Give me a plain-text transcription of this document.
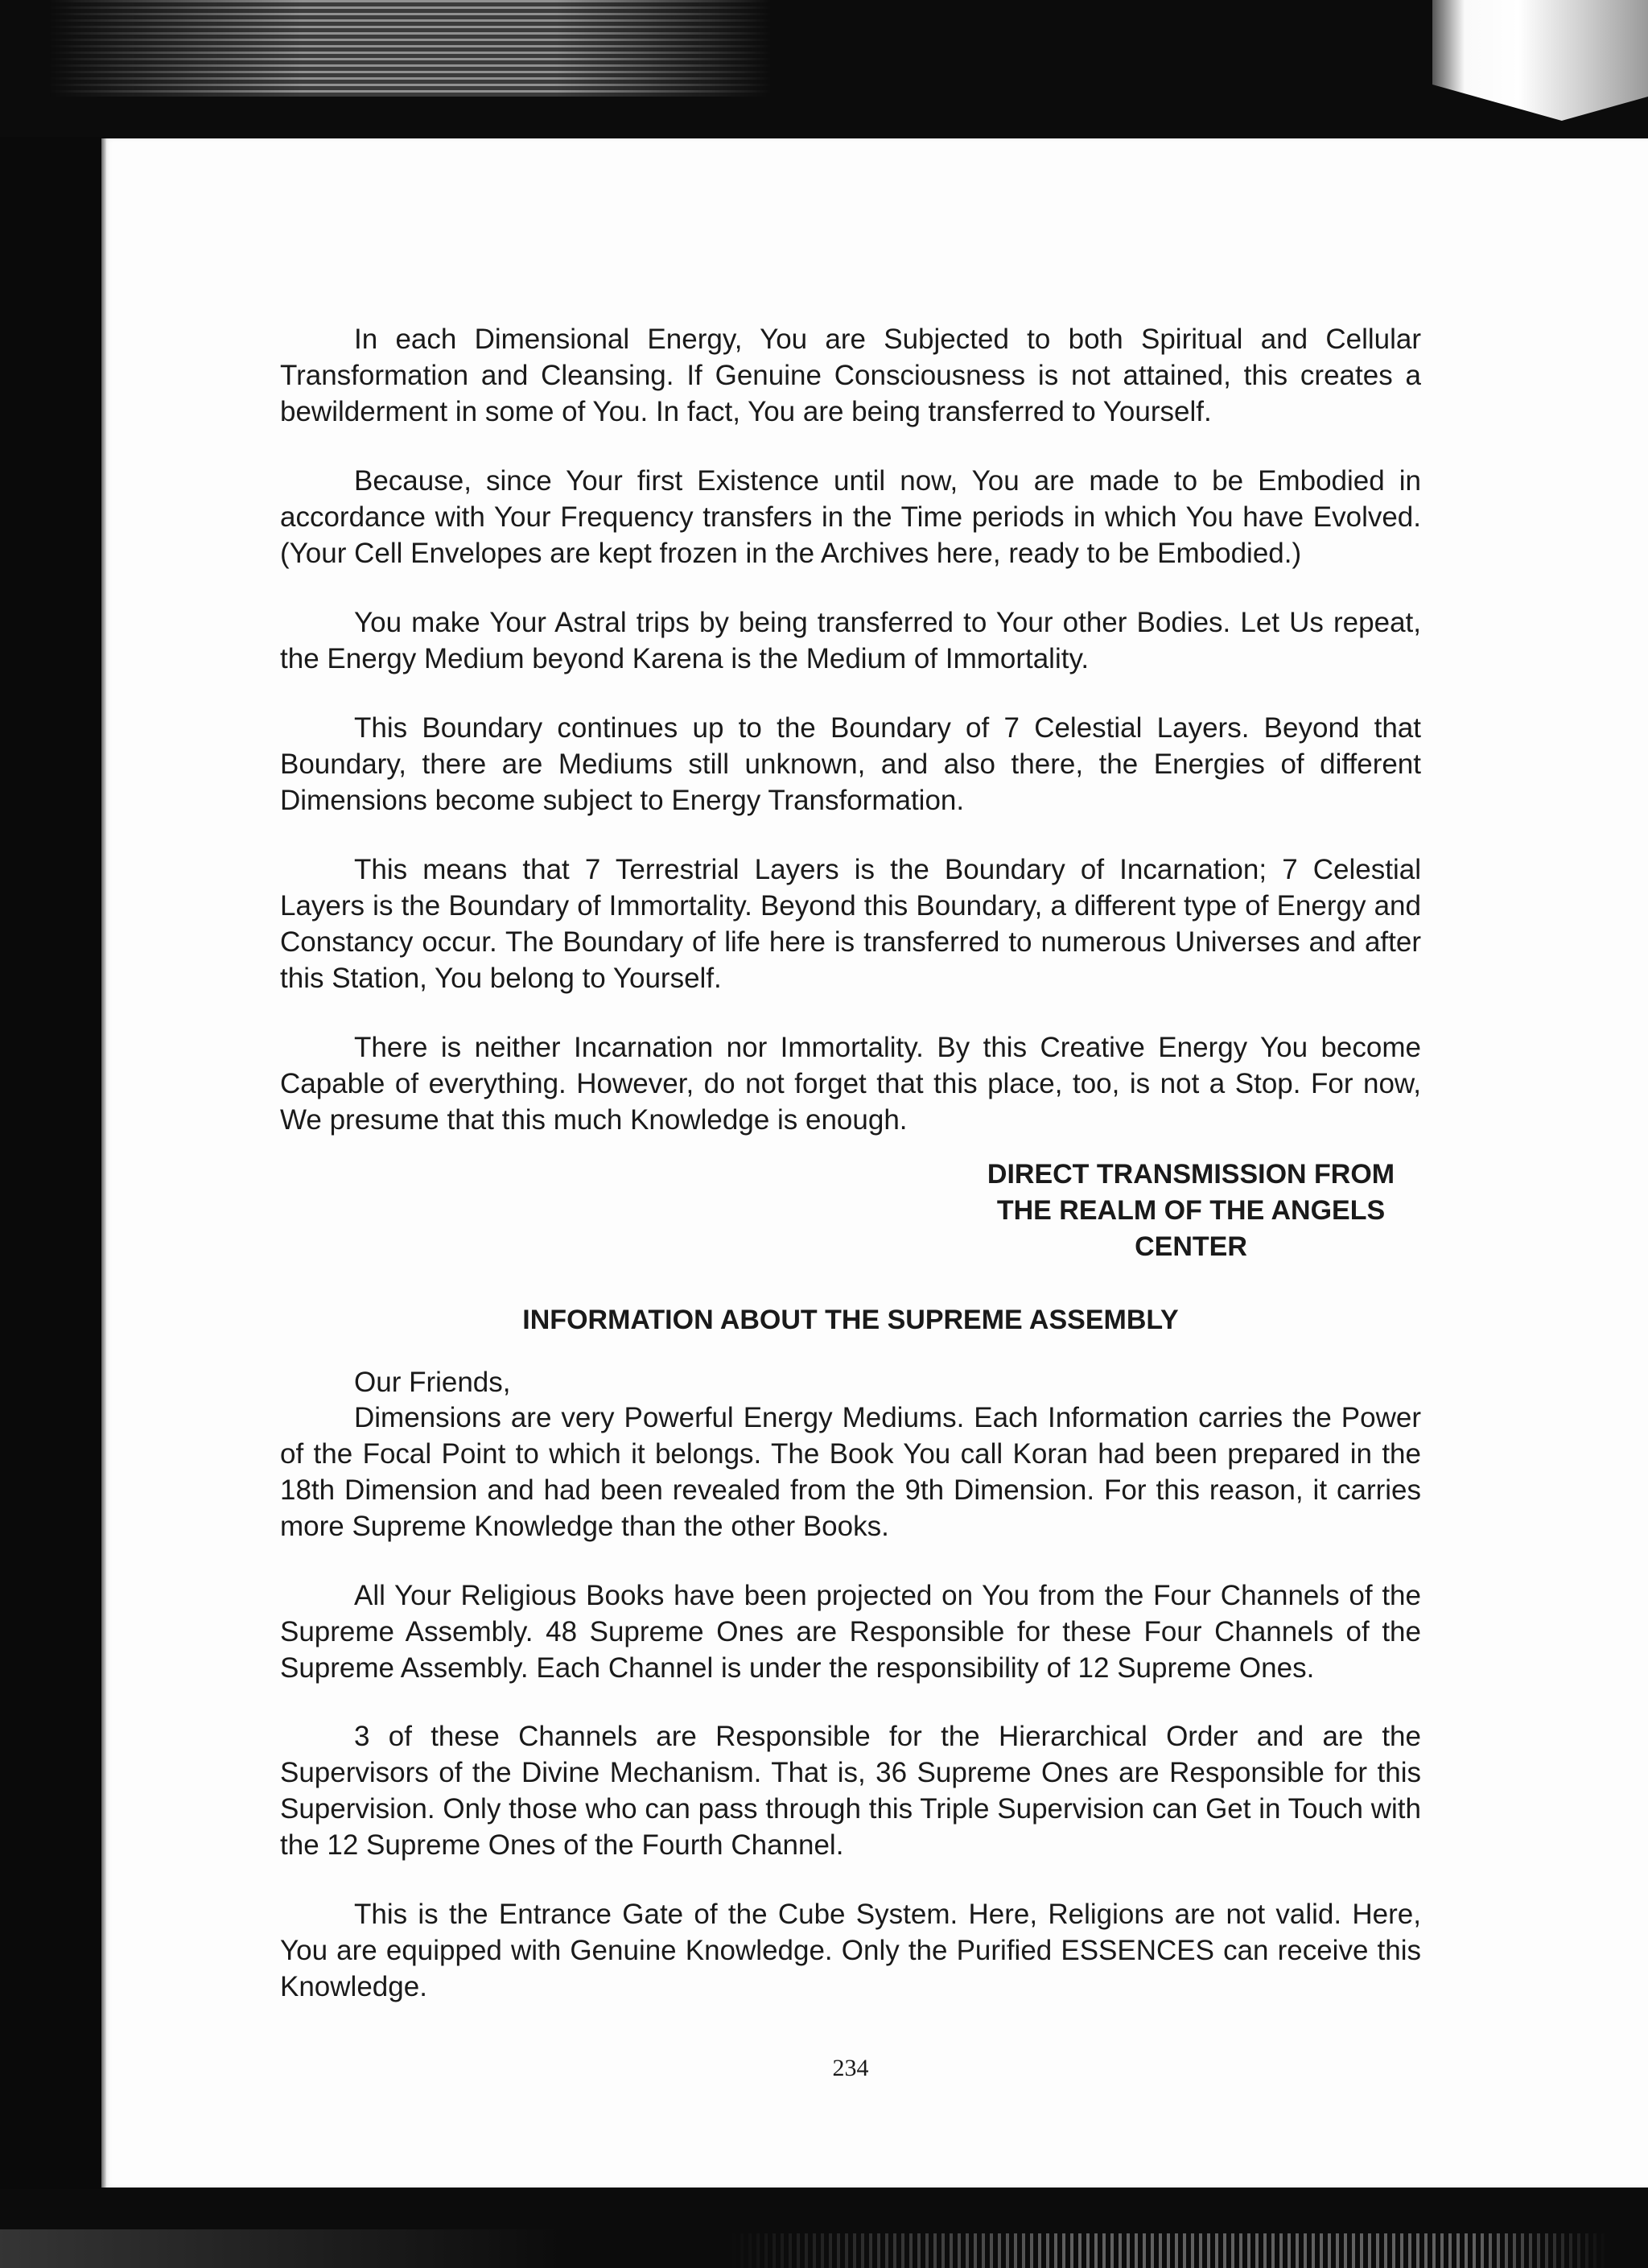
In each Dimensional Energy, You are Subjected to both Spiritual and Cellular Transformation and Cleansing. If Genuine Consciousness is not attained, this creates a bewilderment in some of You. In fact, You are being transferred to Yourself.

Because, since Your first Existence until now, You are made to be Embodied in accordance with Your Frequency transfers in the Time periods in which You have Evolved. (Your Cell Envelopes are kept frozen in the Archives here, ready to be Embodied.)

You make Your Astral trips by being transferred to Your other Bodies. Let Us repeat, the Energy Medium beyond Karena is the Medium of Immortality.

This Boundary continues up to the Boundary of 7 Celestial Layers. Beyond that Boundary, there are Mediums still unknown, and also there, the Energies of different Dimensions become subject to Energy Transformation.

This means that 7 Terrestrial Layers is the Boundary of Incarnation; 7 Celestial Layers is the Boundary of Immortality. Beyond this Boundary, a different type of Energy and Constancy occur. The Boundary of life here is transferred to numerous Universes and after this Station, You belong to Yourself.

There is neither Incarnation nor Immortality. By this Creative Energy You become Capable of everything. However, do not forget that this place, too, is not a Stop. For now, We presume that this much Knowledge is enough.

DIRECT TRANSMISSION FROM
THE REALM OF THE ANGELS
CENTER
INFORMATION ABOUT THE SUPREME ASSEMBLY
Our Friends,

Dimensions are very Powerful Energy Mediums. Each Information carries the Power of the Focal Point to which it belongs. The Book You call Koran had been prepared in the 18th Dimension and had been revealed from the 9th Dimension. For this reason, it carries more Supreme Knowledge than the other Books.

All Your Religious Books have been projected on You from the Four Channels of the Supreme Assembly. 48 Supreme Ones are Responsible for these Four Channels of the Supreme Assembly. Each Channel is under the responsibility of 12 Supreme Ones.

3 of these Channels are Responsible for the Hierarchical Order and are the Supervisors of the Divine Mechanism. That is, 36 Supreme Ones are Responsible for this Supervision. Only those who can pass through this Triple Supervision can Get in Touch with the 12 Supreme Ones of the Fourth Channel.

This is the Entrance Gate of the Cube System. Here, Religions are not valid. Here, You are equipped with Genuine Knowledge. Only the Purified ESSENCES can receive this Knowledge.

234
